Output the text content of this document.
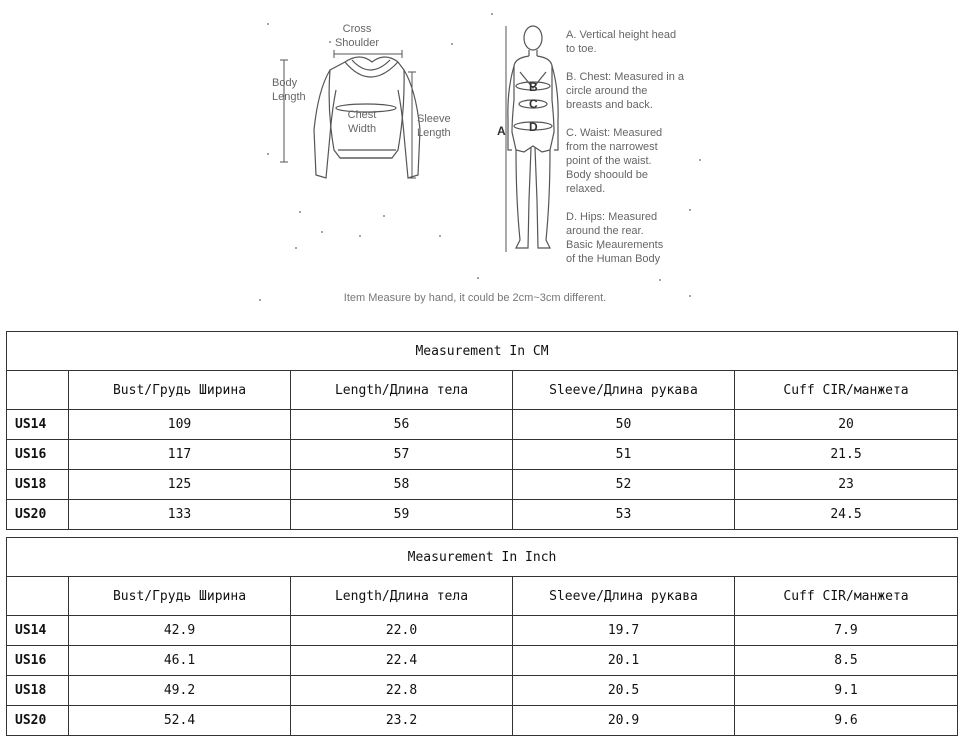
Cross
Shoulder
Body
Length
Chest
Width
Sleeve
Length
B
C
A D
A. Vertical height head
to toe.
B. Chest: Measured in a
circle around the
breasts and back.
C. Waist: Measured
from the narrowest
point of the waist.
Body shoould be
relaxed.
D. Hips: Measured
around the rear.
Basic Meaurements
of the Human Body
Item Measure by hand, it could be 2cm~3cm different.
Measurement In CM				
	Bust/Грудь Ширина	Length/Длина тела	Sleeve/Длина рукава	Cuff CIR/манжета
US14	109	56	50	20
US16	117	57	51	21.5
US18	125	58	52	23
US20	133	59	53	24.5
Measurement In Inch				
	Bust/Грудь Ширина	Length/Длина тела	Sleeve/Длина рукава	Cuff CIR/манжета
US14	42.9	22.0	19.7	7.9
US16	46.1	22.4	20.1	8.5
US18	49.2	22.8	20.5	9.1
US20	52.4	23.2	20.9	9.6
